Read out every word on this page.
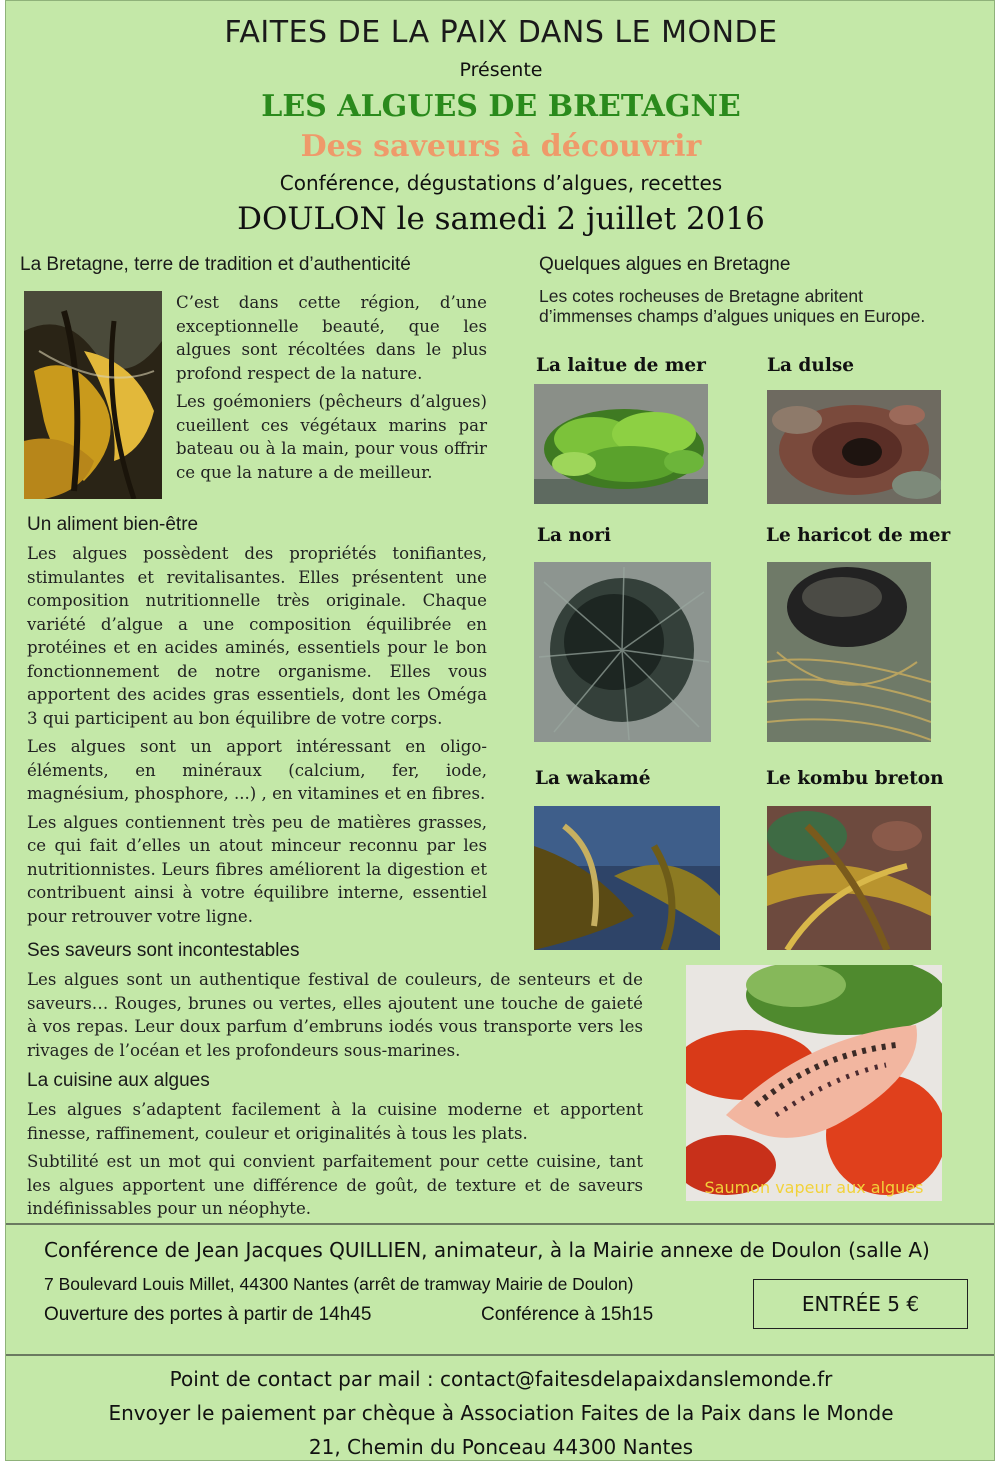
FAITES DE LA PAIX DANS LE MONDE
Présente
LES ALGUES DE BRETAGNE
Des saveurs à découvrir
Conférence, dégustations d’algues, recettes
DOULON le samedi 2 juillet 2016
La Bretagne, terre de tradition et d’authenticité

C’est dans cette région, d’une exceptionnelle beauté, que les algues sont récoltées dans le plus profond respect de la nature.

Les goémoniers (pêcheurs d’algues) cueillent ces végétaux marins par bateau ou à la main, pour vous offrir ce que la nature a de meilleur.

Un aliment bien-être

Les algues possèdent des propriétés tonifiantes, stimulantes et revitalisantes. Elles présentent une composition nutritionnelle très originale. Chaque variété d’algue a une composition équilibrée en protéines et en acides aminés, essentiels pour le bon fonctionnement de notre organisme. Elles vous apportent des acides gras essentiels, dont les Oméga 3 qui participent au bon équilibre de votre corps.

Les algues sont un apport intéressant en oligo-éléments, en minéraux (calcium, fer, iode, magnésium, phosphore, ...) , en vitamines et en fibres.

Les algues contiennent très peu de matières grasses, ce qui fait d’elles un atout minceur reconnu par les nutritionnistes. Leurs fibres améliorent la digestion et contribuent ainsi à votre équilibre interne, essentiel pour retrouver votre ligne.

Ses saveurs sont incontestables

Les algues sont un authentique festival de couleurs, de senteurs et de saveurs… Rouges, brunes ou vertes, elles ajoutent une touche de gaieté à vos repas. Leur doux parfum d’embruns iodés vous transporte vers les rivages de l’océan et les profondeurs sous-marines.

La cuisine aux algues

Les algues s’adaptent facilement à la cuisine moderne et apportent finesse, raffinement, couleur et originalités à tous les plats.

Subtilité est un mot qui convient parfaitement pour cette cuisine, tant les algues apportent une différence de goût, de texture et de saveurs indéfinissables pour un néophyte.

Quelques algues en Bretagne
Les cotes rocheuses de Bretagne abritent d’immenses champs d’algues uniques en Europe.
La laitue de mer	La dulse
La nori	Le haricot de mer
La wakamé	Le kombu breton
Saumon vapeur aux algues
Conférence de Jean Jacques QUILLIEN, animateur, à la Mairie annexe de Doulon (salle A)
7 Boulevard Louis Millet, 44300 Nantes (arrêt de tramway Mairie de Doulon)
Ouverture des portes à partir de 14h45	Conférence à 15h15	ENTRÉE 5 €
Point de contact par mail : contact@faitesdelapaixdanslemonde.fr
Envoyer le paiement par chèque à Association Faites de la Paix dans le Monde
21, Chemin du Ponceau 44300 Nantes
